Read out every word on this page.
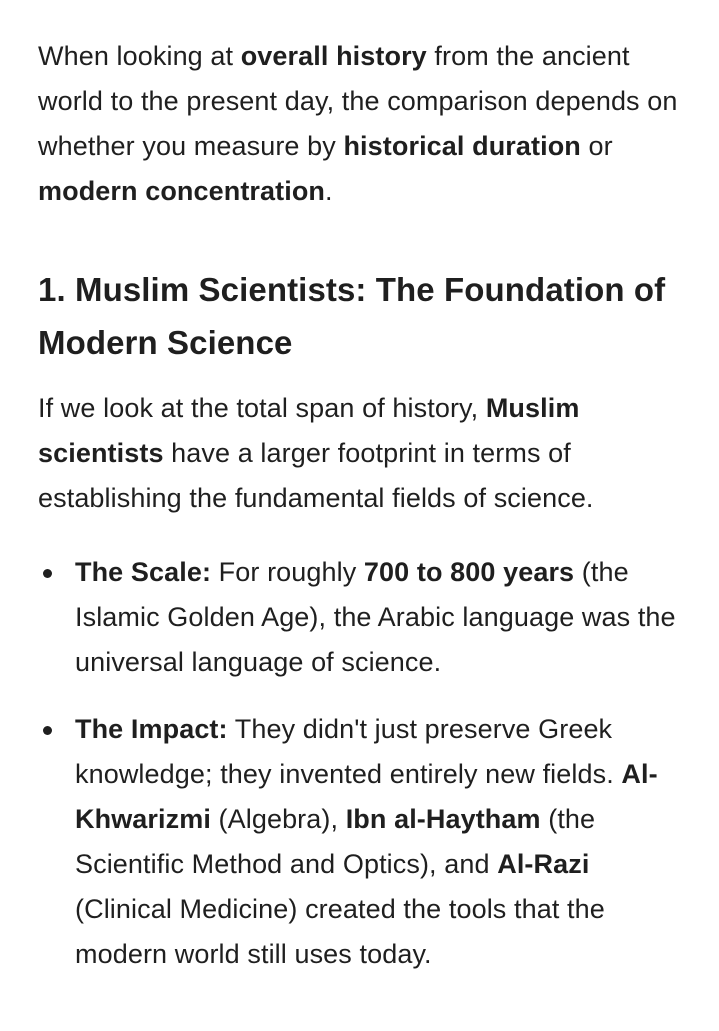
When looking at overall history from the ancient world to the present day, the comparison depends on whether you measure by historical duration or modern concentration.

1. Muslim Scientists: The Foundation of Modern Science

If we look at the total span of history, Muslim scientists have a larger footprint in terms of establishing the fundamental fields of science.

The Scale: For roughly 700 to 800 years (the Islamic Golden Age), the Arabic language was the universal language of science.
The Impact: They didn't just preserve Greek knowledge; they invented entirely new fields. Al-Khwarizmi (Algebra), Ibn al-Haytham (the Scientific Method and Optics), and Al-Razi (Clinical Medicine) created the tools that the modern world still uses today.
